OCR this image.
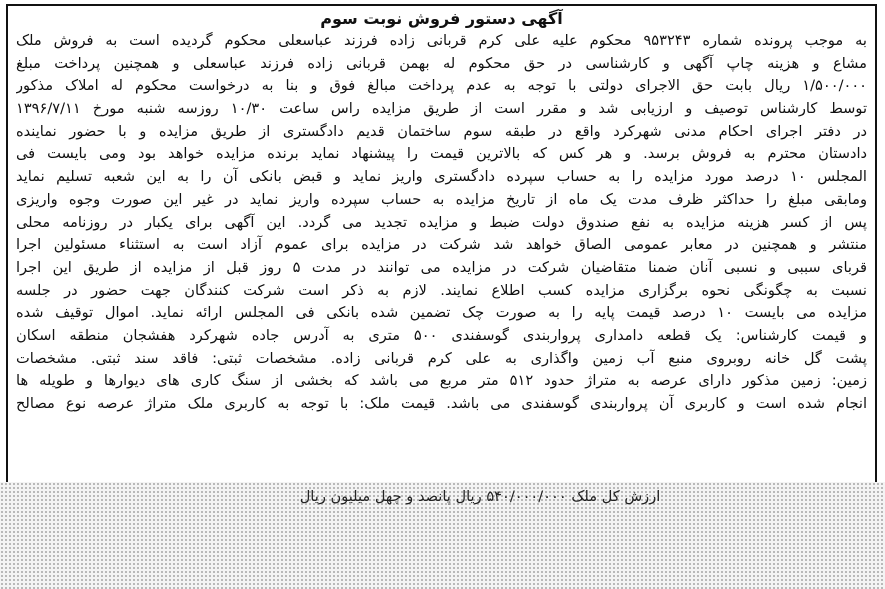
آگهی دستور فروش نوبت سوم
به موجب پرونده شماره ۹۵۳۲۴۳ محکوم علیه علی کرم قربانی زاده فرزند عباسعلی محکوم گردیده است به فروش ملک
مشاع و هزینه چاپ آگهی و کارشناسی در حق محکوم له بهمن قربانی زاده فرزند عباسعلی و همچنین پرداخت مبلغ
۱/۵۰۰/۰۰۰ ریال بابت حق الاجرای دولتی با توجه به عدم پرداخت مبالغ فوق و بنا به درخواست محکوم له املاک مذکور
توسط کارشناس توصیف و ارزیابی شد و مقرر است از طریق مزایده راس ساعت ۱۰/۳۰ روزسه شنبه مورخ ۱۳۹۶/۷/۱۱
در دفتر اجرای احکام مدنی شهرکرد واقع در طبقه سوم ساختمان قدیم دادگستری از طریق مزایده و با حضور نماینده
دادستان محترم به فروش برسد. و هر کس که بالاترین قیمت را پیشنهاد نماید برنده مزایده خواهد بود ومی بایست فی
المجلس ۱۰ درصد مورد مزایده را به حساب سپرده دادگستری واریز نماید و قبض بانکی آن را به این شعبه تسلیم نماید
ومابقی مبلغ را حداکثر ظرف مدت یک ماه از تاریخ مزایده به حساب سپرده واریز نماید در غیر این صورت وجوه واریزی
پس از کسر هزینه مزایده به نفع صندوق دولت ضبط و مزایده تجدید می گردد. این آگهی برای یکبار در روزنامه محلی
منتشر و همچنین در معابر عمومی الصاق خواهد شد شرکت در مزایده برای عموم آزاد است به استثناء مسئولین اجرا
قربای سببی و نسبی آنان ضمنا متقاضیان شرکت در مزایده می توانند در مدت ۵ روز قبل از مزایده از طریق این اجرا
نسبت به چگونگی نحوه برگزاری مزایده کسب اطلاع نمایند. لازم به ذکر است شرکت کنندگان جهت حضور در جلسه
مزایده می بایست ۱۰ درصد قیمت پایه را به صورت چک تضمین شده بانکی فی المجلس ارائه نماید. اموال توقیف شده
و قیمت کارشناس: یک قطعه دامداری پرواربندی گوسفندی ۵۰۰ متری به آدرس جاده شهرکرد هفشجان منطقه اسکان
پشت گل خانه روبروی منبع آب زمین واگذاری به علی کرم قربانی زاده. مشخصات ثبتی: فاقد سند ثبتی. مشخصات
زمین: زمین مذکور دارای عرصه به متراژ حدود ۵۱۲ متر مربع می باشد که بخشی از سنگ کاری های دیوارها و طویله ها
انجام شده است و کاربری آن پرواربندی گوسفندی می باشد. قیمت ملک: با توجه به کاربری ملک متراژ عرصه نوع مصالح
ارزش کل ملک ۵۴۰/۰۰۰/۰۰۰ ریال پانصد و چهل میلیون ریال
